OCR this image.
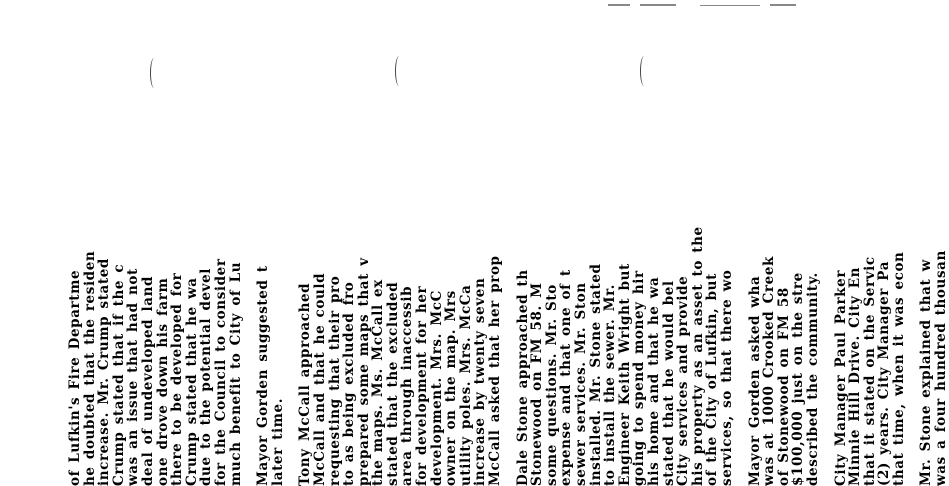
of Lufkin's Fire Departme
he doubted that the residen
increase. Mr. Crump stated
Crump stated that if the c
was an issue that had not
deal of undeveloped land
one drove down his farm
there to be developed for
Crump stated that he wa
due to the potential devel
for the Council to consider
much benefit to City of Lu

Mayor Gorden suggested t
later time.

Tony McCall approached
McCall and that he could
requesting that their pro
to as being excluded fro
prepared some maps that v
the maps. Ms. McCall ex
stated that the excluded
area through inaccessib
for development for her
development. Mrs. McC
owner on the map. Mrs
utility poles. Mrs. McCa
increase by twenty seven
McCall asked that her prop

Dale Stone approached th
Stonewood on FM 58. M
some questions. Mr. Sto
expense and that one of t
sewer services. Mr. Ston
installed. Mr. Stone stated
to install the sewer. Mr.
Engineer Keith Wright but
going to spend money hir
his home and that he wa
stated that he would bel
City services and provide
his property as an asset to the
of the City of Lufkin, but
services, so that there wo

Mayor Gorden asked wha
was at 1000 Crooked Creek
of Stonewood on FM 58
$100,000 just on the stre
described the community.

City Manager Paul Parker
Minnie Hill Drive. City En
that it stated on the Servic
(2) years. City Manager Pa
that time, when it was econ

Mr. Stone explained that w
was a four hundred thousan
